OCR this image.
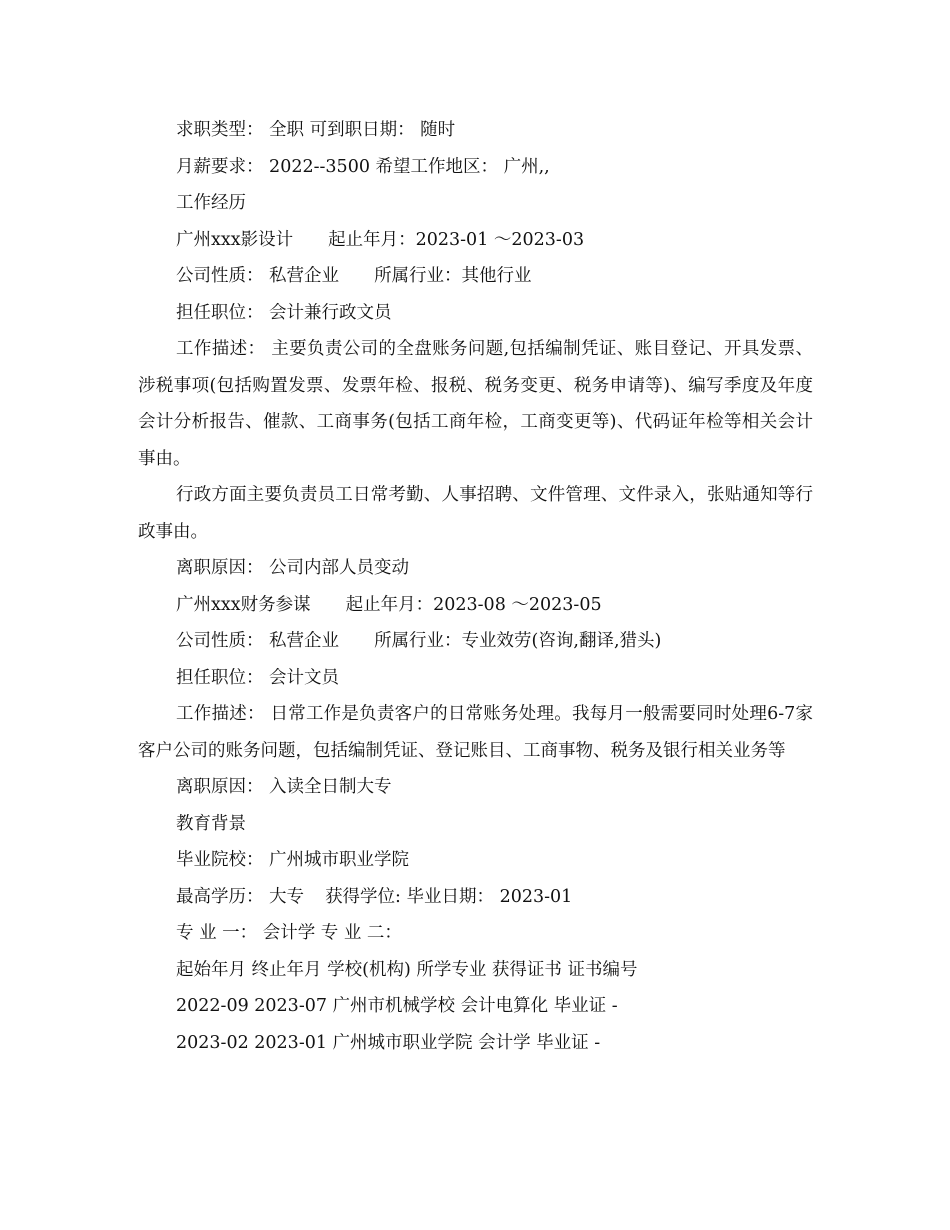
求职类型： 全职 可到职日期： 随时

月薪要求： 2022--3500 希望工作地区： 广州,,

工作经历

广州xxx影设计 起止年月：2023-01 ～2023-03

公司性质： 私营企业 所属行业：其他行业

担任职位： 会计兼行政文员

工作描述： 主要负责公司的全盘账务问题,包括编制凭证、账目登记、开具发票、涉税事项(包括购置发票、发票年检、报税、税务变更、税务申请等)、编写季度及年度会计分析报告、催款、工商事务(包括工商年检，工商变更等)、代码证年检等相关会计事由。

行政方面主要负责员工日常考勤、人事招聘、文件管理、文件录入，张贴通知等行政事由。

离职原因： 公司内部人员变动

广州xxx财务参谋 起止年月：2023-08 ～2023-05

公司性质： 私营企业 所属行业：专业效劳(咨询,翻译,猎头)

担任职位： 会计文员

工作描述： 日常工作是负责客户的日常账务处理。我每月一般需要同时处理6-7家客户公司的账务问题，包括编制凭证、登记账目、工商事物、税务及银行相关业务等

离职原因： 入读全日制大专

教育背景

毕业院校： 广州城市职业学院

最高学历： 大专 获得学位: 毕业日期： 2023-01

专 业 一： 会计学 专 业 二：

起始年月 终止年月 学校(机构) 所学专业 获得证书 证书编号

2022-09 2023-07 广州市机械学校 会计电算化 毕业证 -

2023-02 2023-01 广州城市职业学院 会计学 毕业证 -
